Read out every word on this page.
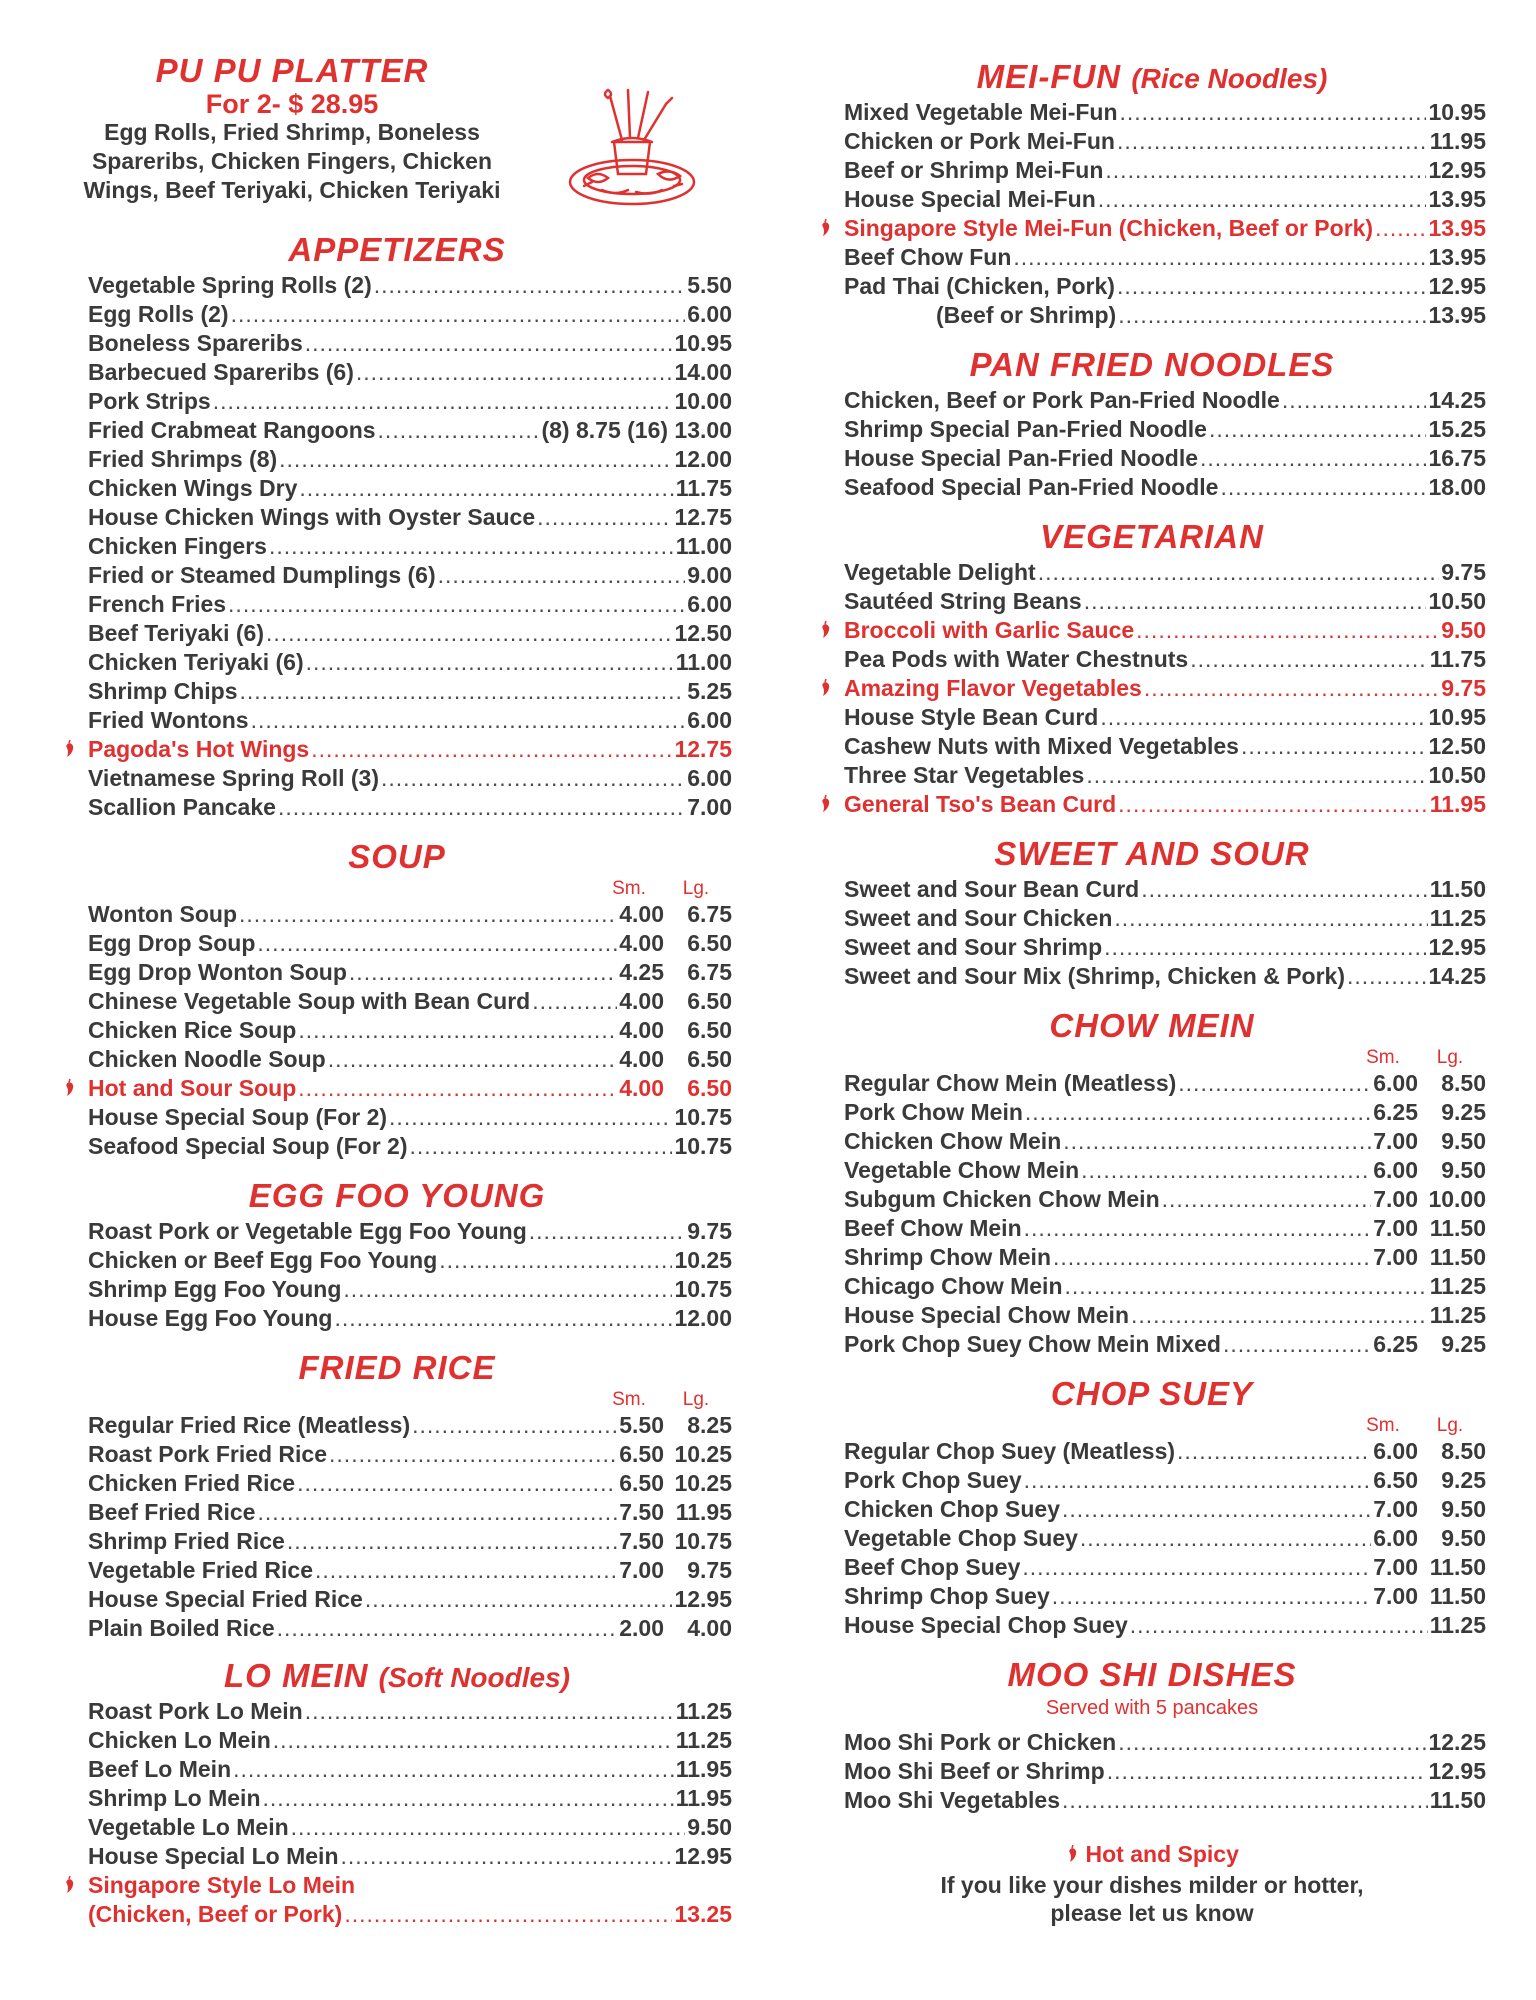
PU PU PLATTER
For 2- $ 28.95
Egg Rolls, Fried Shrimp, Boneless
Spareribs, Chicken Fingers, Chicken
Wings, Beef Teriyaki, Chicken Teriyaki
APPETIZERS
Vegetable Spring Rolls (2) .....	5.50
Egg Rolls (2) .....	6.00
Boneless Spareribs .....	10.95
Barbecued Spareribs (6) .....	14.00
Pork Strips .....	10.00
Fried Crabmeat Rangoons .....	(8) 8.75 (16) 13.00
Fried Shrimps (8) .....	12.00
Chicken Wings Dry .....	11.75
House Chicken Wings with Oyster Sauce .....	12.75
Chicken Fingers .....	11.00
Fried or Steamed Dumplings (6) .....	9.00
French Fries .....	6.00
Beef Teriyaki (6) .....	12.50
Chicken Teriyaki (6) .....	11.00
Shrimp Chips .....	5.25
Fried Wontons .....	6.00
Pagoda's Hot Wings .....	12.75
Vietnamese Spring Roll (3) .....	6.00
Scallion Pancake .....	7.00
SOUP
Sm.	Lg.
Wonton Soup .....	4.00	6.75
Egg Drop Soup .....	4.00	6.50
Egg Drop Wonton Soup .....	4.25	6.75
Chinese Vegetable Soup with Bean Curd .....	4.00	6.50
Chicken Rice Soup .....	4.00	6.50
Chicken Noodle Soup .....	4.00	6.50
Hot and Sour Soup .....	4.00	6.50
House Special Soup (For 2) .....	10.75
Seafood Special Soup (For 2) .....	10.75
EGG FOO YOUNG
Roast Pork or Vegetable Egg Foo Young .....	9.75
Chicken or Beef Egg Foo Young .....	10.25
Shrimp Egg Foo Young .....	10.75
House Egg Foo Young .....	12.00
FRIED RICE
Sm.	Lg.
Regular Fried Rice (Meatless) .....	5.50	8.25
Roast Pork Fried Rice .....	6.50 10.25
Chicken Fried Rice .....	6.50 10.25
Beef Fried Rice .....	7.50 11.95
Shrimp Fried Rice .....	7.50 10.75
Vegetable Fried Rice .....	7.00	9.75
House Special Fried Rice .....	12.95
Plain Boiled Rice .....	2.00	4.00
LO MEIN (Soft Noodles)
Roast Pork Lo Mein .....	11.25
Chicken Lo Mein .....	11.25
Beef Lo Mein .....	11.95
Shrimp Lo Mein .....	11.95
Vegetable Lo Mein .....	9.50
House Special Lo Mein .....	12.95
Singapore Style Lo Mein
(Chicken, Beef or Pork) .....	13.25
MEI-FUN (Rice Noodles)
Mixed Vegetable Mei-Fun .....	10.95
Chicken or Pork Mei-Fun .....	11.95
Beef or Shrimp Mei-Fun .....	12.95
House Special Mei-Fun .....	13.95
Singapore Style Mei-Fun (Chicken, Beef or Pork) ..... 13.95
Beef Chow Fun .....	13.95
Pad Thai (Chicken, Pork) .....	12.95
(Beef or Shrimp) .....	13.95
PAN FRIED NOODLES
Chicken, Beef or Pork Pan-Fried Noodle .....	14.25
Shrimp Special Pan-Fried Noodle .....	15.25
House Special Pan-Fried Noodle .....	16.75
Seafood Special Pan-Fried Noodle .....	18.00
VEGETARIAN
Vegetable Delight .....	9.75
Sautéed String Beans .....	10.50
Broccoli with Garlic Sauce .....	9.50
Pea Pods with Water Chestnuts .....	11.75
Amazing Flavor Vegetables .....	9.75
House Style Bean Curd .....	10.95
Cashew Nuts with Mixed Vegetables .....	12.50
Three Star Vegetables .....	10.50
General Tso's Bean Curd .....	11.95
SWEET AND SOUR
Sweet and Sour Bean Curd .....	11.50
Sweet and Sour Chicken .....	11.25
Sweet and Sour Shrimp .....	12.95
Sweet and Sour Mix (Shrimp, Chicken & Pork) .....	14.25
CHOW MEIN
Sm.	Lg.
Regular Chow Mein (Meatless) .....	6.00	8.50
Pork Chow Mein .....	6.25	9.25
Chicken Chow Mein .....	7.00	9.50
Vegetable Chow Mein .....	6.00	9.50
Subgum Chicken Chow Mein .....	7.00 10.00
Beef Chow Mein .....	7.00 11.50
Shrimp Chow Mein .....	7.00 11.50
Chicago Chow Mein .....	11.25
House Special Chow Mein .....	11.25
Pork Chop Suey Chow Mein Mixed .....	6.25	9.25
CHOP SUEY
Sm.	Lg.
Regular Chop Suey (Meatless) .....	6.00	8.50
Pork Chop Suey .....	6.50	9.25
Chicken Chop Suey .....	7.00	9.50
Vegetable Chop Suey .....	6.00	9.50
Beef Chop Suey .....	7.00 11.50
Shrimp Chop Suey .....	7.00 11.50
House Special Chop Suey .....	11.25
MOO SHI DISHES
Served with 5 pancakes
Moo Shi Pork or Chicken .....	12.25
Moo Shi Beef or Shrimp .....	12.95
Moo Shi Vegetables .....	11.50
Hot and Spicy
If you like your dishes milder or hotter,
please let us know
